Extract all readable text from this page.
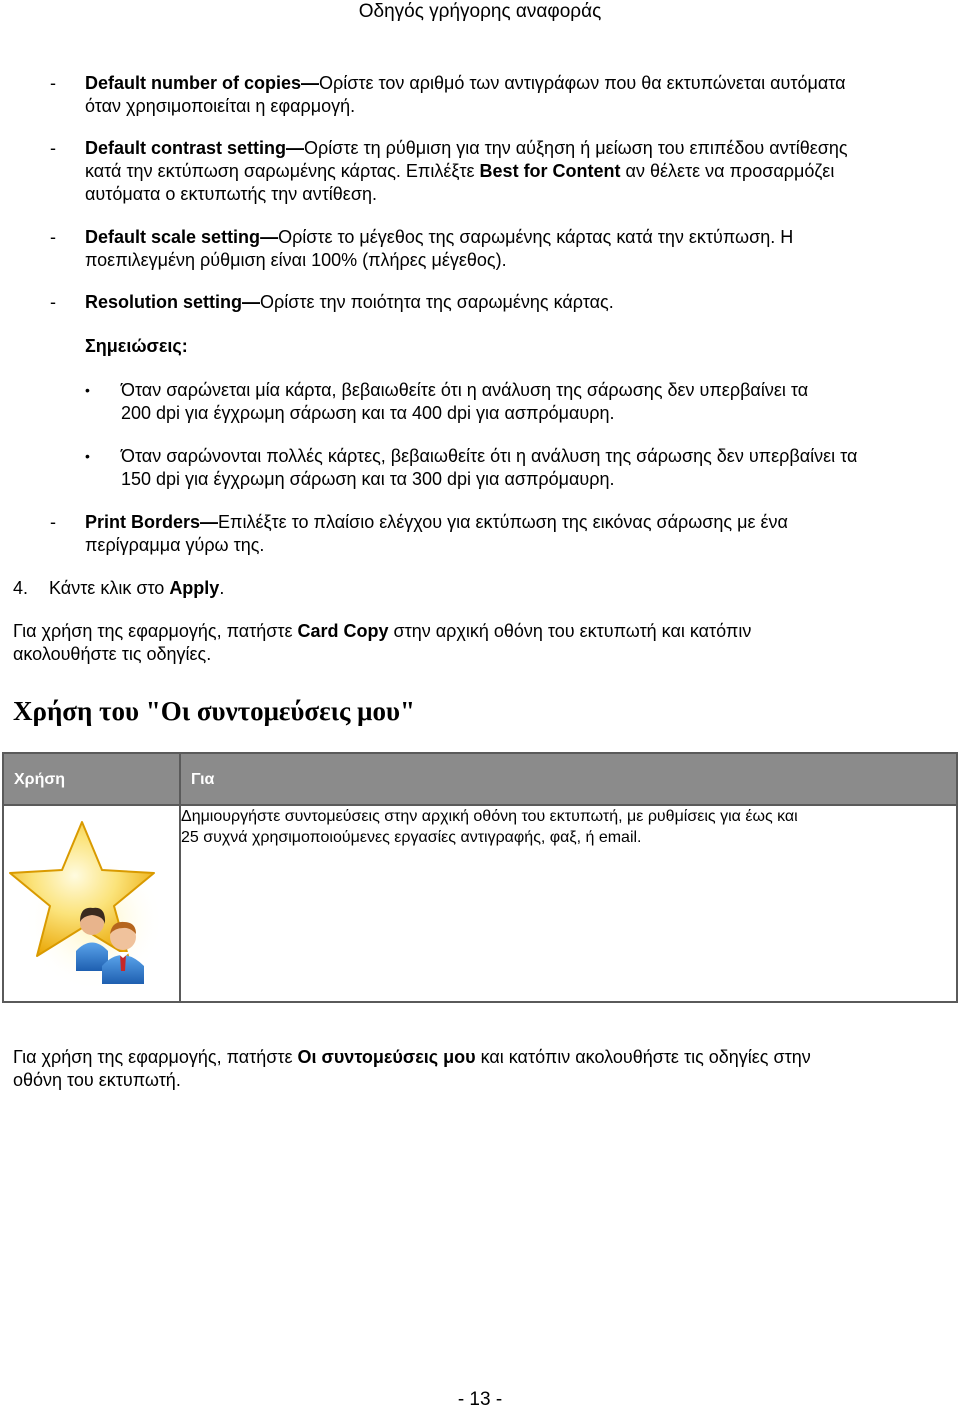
Οδηγός γρήγορης αναφοράς
-	Default number of copies—Ορίστε τον αριθμό των αντιγράφων που θα εκτυπώνεται αυτόματα
όταν χρησιμοποιείται η εφαρμογή.
-	Default contrast setting—Ορίστε τη ρύθμιση για την αύξηση ή μείωση του επιπέδου αντίθεσης
κατά την εκτύπωση σαρωμένης κάρτας. Επιλέξτε Best for Content αν θέλετε να προσαρμόζει
αυτόματα ο εκτυπωτής την αντίθεση.
-	Default scale setting—Ορίστε το μέγεθος της σαρωμένης κάρτας κατά την εκτύπωση. Η
ποεπιλεγμένη ρύθμιση είναι 100% (πλήρες μέγεθος).
-	Resolution setting—Ορίστε την ποιότητα της σαρωμένης κάρτας.
Σημειώσεις:
• Όταν σαρώνεται μία κάρτα, βεβαιωθείτε ότι η ανάλυση της σάρωσης δεν υπερβαίνει τα
200 dpi για έγχρωμη σάρωση και τα 400 dpi για ασπρόμαυρη.
• Όταν σαρώνονται πολλές κάρτες, βεβαιωθείτε ότι η ανάλυση της σάρωσης δεν υπερβαίνει τα
150 dpi για έγχρωμη σάρωση και τα 300 dpi για ασπρόμαυρη.
-	Print Borders—Επιλέξτε το πλαίσιο ελέγχου για εκτύπωση της εικόνας σάρωσης με ένα
περίγραμμα γύρω της.
4. Κάντε κλικ στο Apply.
Για χρήση της εφαρμογής, πατήστε Card Copy στην αρχική οθόνη του εκτυπωτή και κατόπιν
ακολουθήστε τις οδηγίες.
Χρήση του "Οι συντομεύσεις μου"
Χρήση	Για

	Δημιουργήστε συντομεύσεις στην αρχική οθόνη του εκτυπωτή, με ρυθμίσεις για έως και
25 συχνά χρησιμοποιούμενες εργασίες αντιγραφής, φαξ, ή email.
Για χρήση της εφαρμογής, πατήστε Οι συντομεύσεις μου και κατόπιν ακολουθήστε τις οδηγίες στην
οθόνη του εκτυπωτή.
- 13 -
